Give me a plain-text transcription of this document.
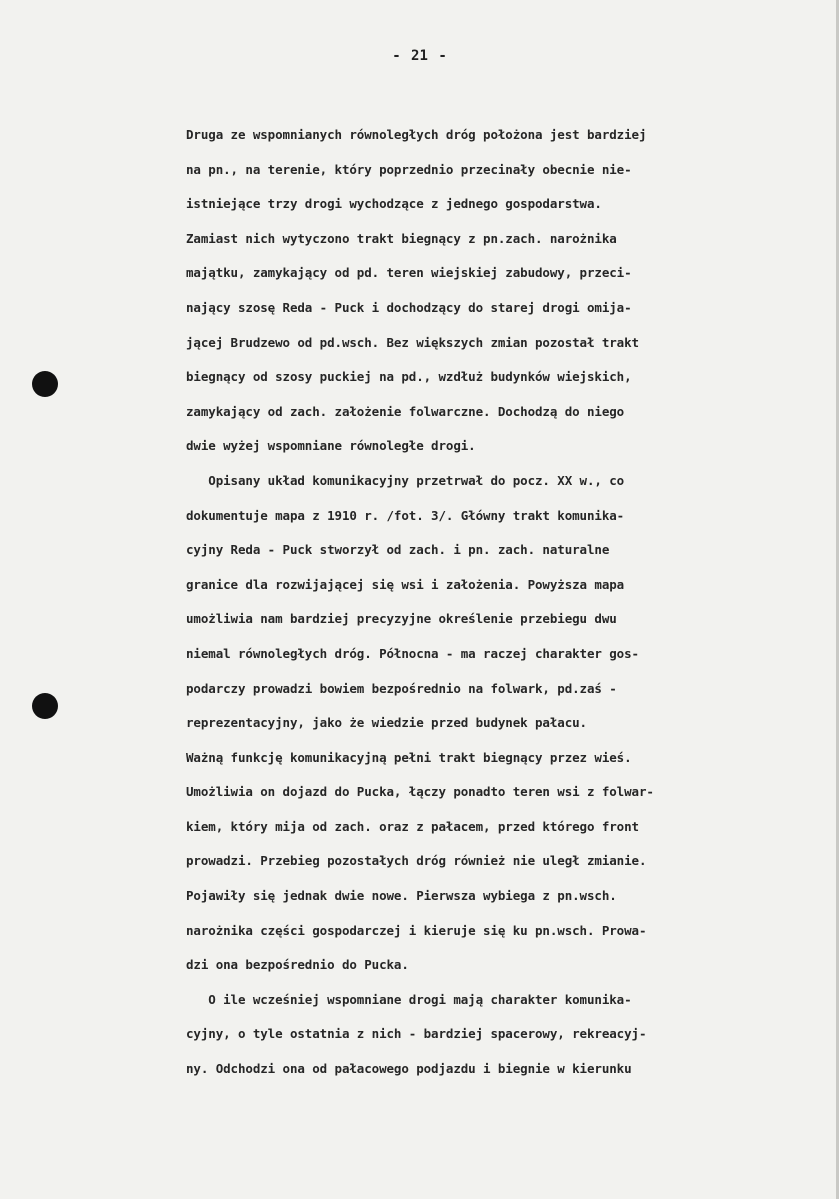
- 21 -
Druga ze wspomnianych równoległych dróg położona jest bardziej
na pn., na terenie, który poprzednio przecinały obecnie nie-
istniejące trzy drogi wychodzące z jednego gospodarstwa.
Zamiast nich wytyczono trakt biegnący z pn.zach. narożnika
majątku, zamykający od pd. teren wiejskiej zabudowy, przeci-
nający szosę Reda - Puck i dochodzący do starej drogi omija-
jącej Brudzewo od pd.wsch. Bez większych zmian pozostał trakt
biegnący od szosy puckiej na pd., wzdłuż budynków wiejskich,
zamykający od zach. założenie folwarczne. Dochodzą do niego
dwie wyżej wspomniane równoległe drogi.
Opisany układ komunikacyjny przetrwał do pocz. XX w., co
dokumentuje mapa z 1910 r. /fot. 3/. Główny trakt komunika-
cyjny Reda - Puck stworzył od zach. i pn. zach. naturalne
granice dla rozwijającej się wsi i założenia. Powyższa mapa
umożliwia nam bardziej precyzyjne określenie przebiegu dwu
niemal równoległych dróg. Północna - ma raczej charakter gos-
podarczy prowadzi bowiem bezpośrednio na folwark, pd.zaś -
reprezentacyjny, jako że wiedzie przed budynek pałacu.
Ważną funkcję komunikacyjną pełni trakt biegnący przez wieś.
Umożliwia on dojazd do Pucka, łączy ponadto teren wsi z folwar-
kiem, który mija od zach. oraz z pałacem, przed którego front
prowadzi. Przebieg pozostałych dróg również nie uległ zmianie.
Pojawiły się jednak dwie nowe. Pierwsza wybiega z pn.wsch.
narożnika części gospodarczej i kieruje się ku pn.wsch. Prowa-
dzi ona bezpośrednio do Pucka.
O ile wcześniej wspomniane drogi mają charakter komunika-
cyjny, o tyle ostatnia z nich - bardziej spacerowy, rekreacyj-
ny. Odchodzi ona od pałacowego podjazdu i biegnie w kierunku
